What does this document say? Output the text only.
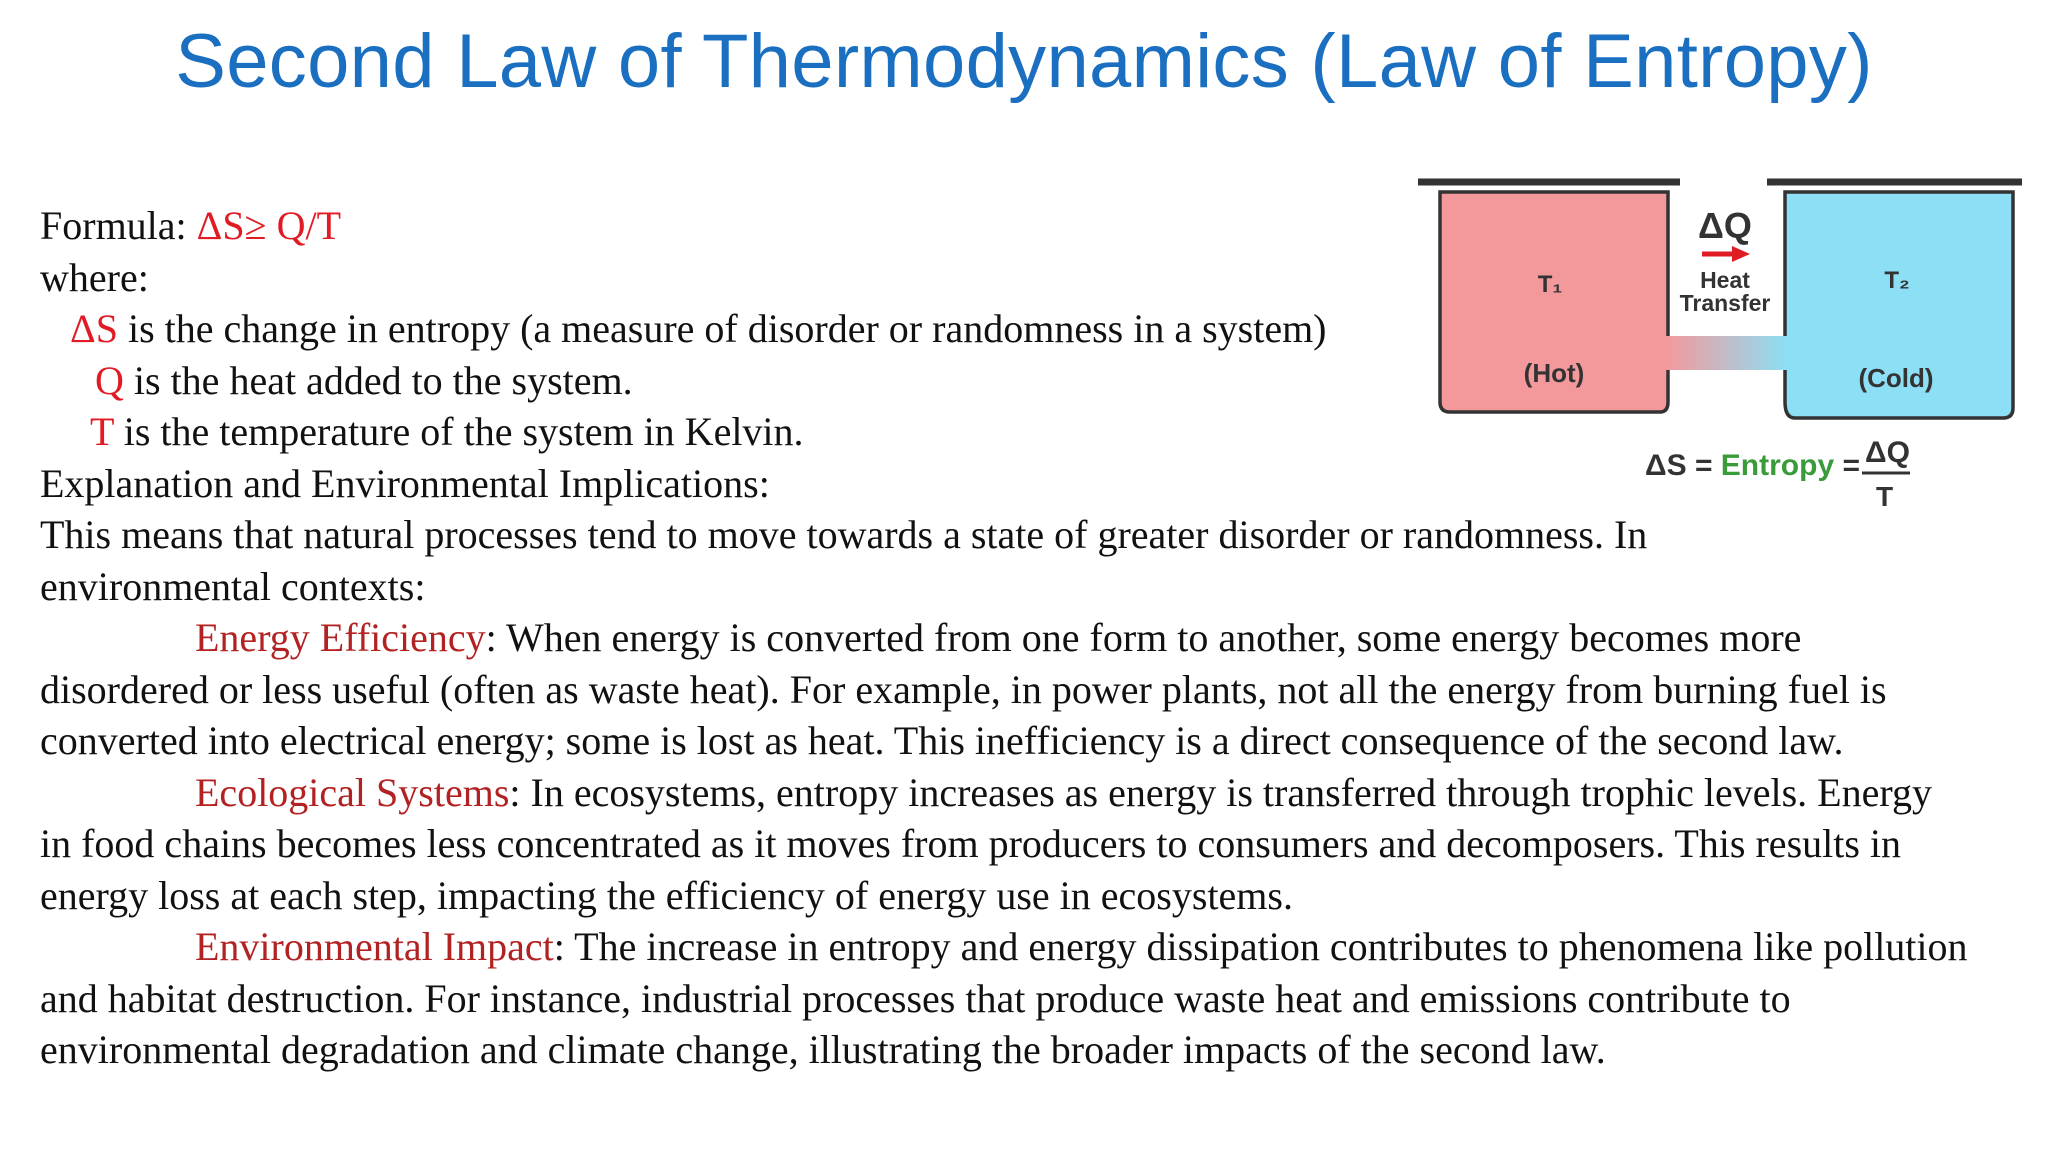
Second Law of Thermodynamics (Law of Entropy)
Formula: ΔS≥ Q/T
where:
ΔS is the change in entropy (a measure of disorder or randomness in a system)
Q is the heat added to the system.
T is the temperature of the system in Kelvin.
Explanation and Environmental Implications:
This means that natural processes tend to move towards a state of greater disorder or randomness. In environmental contexts:
Energy Efficiency: When energy is converted from one form to another, some energy becomes more disordered or less useful (often as waste heat). For example, in power plants, not all the energy from burning fuel is converted into electrical energy; some is lost as heat. This inefficiency is a direct consequence of the second law.
Ecological Systems: In ecosystems, entropy increases as energy is transferred through trophic levels. Energy in food chains becomes less concentrated as it moves from producers to consumers and decomposers. This results in energy loss at each step, impacting the efficiency of energy use in ecosystems.
Environmental Impact: The increase in entropy and energy dissipation contributes to phenomena like pollution and habitat destruction. For instance, industrial processes that produce waste heat and emissions contribute to environmental degradation and climate change, illustrating the broader impacts of the second law.
T₁
(Hot)
T₂
(Cold)
ΔQ
Heat
Transfer
ΔS = Entropy = ΔQ
T
